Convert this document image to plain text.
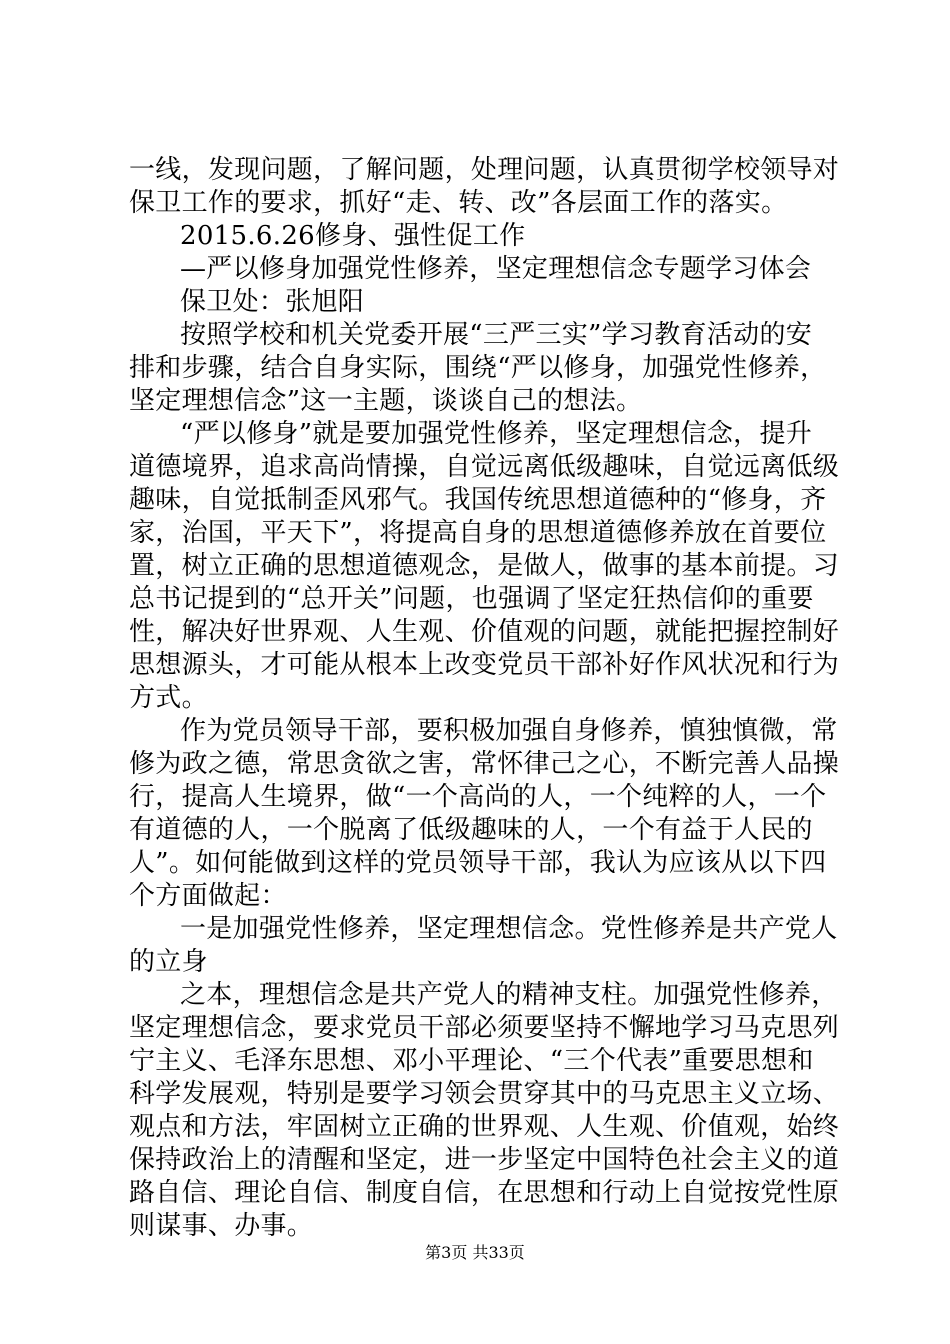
一线，发现问题，了解问题，处理问题，认真贯彻学校领导对
保卫工作的要求，抓好“走、转、改”各层面工作的落实。
2015.6.26修身、强性促工作
—严以修身加强党性修养，坚定理想信念专题学习体会
保卫处：张旭阳
按照学校和机关党委开展“三严三实”学习教育活动的安
排和步骤，结合自身实际，围绕“严以修身，加强党性修养，
坚定理想信念”这一主题，谈谈自己的想法。
“严以修身”就是要加强党性修养，坚定理想信念，提升
道德境界，追求高尚情操，自觉远离低级趣味，自觉远离低级
趣味，自觉抵制歪风邪气。我国传统思想道德种的“修身，齐
家，治国，平天下”，将提高自身的思想道德修养放在首要位
置，树立正确的思想道德观念，是做人，做事的基本前提。习
总书记提到的“总开关”问题，也强调了坚定狂热信仰的重要
性，解决好世界观、人生观、价值观的问题，就能把握控制好
思想源头，才可能从根本上改变党员干部补好作风状况和行为
方式。
作为党员领导干部，要积极加强自身修养，慎独慎微，常
修为政之德，常思贪欲之害，常怀律己之心，不断完善人品操
行，提高人生境界，做“一个高尚的人，一个纯粹的人，一个
有道德的人，一个脱离了低级趣味的人，一个有益于人民的
人”。如何能做到这样的党员领导干部，我认为应该从以下四
个方面做起：
一是加强党性修养，坚定理想信念。党性修养是共产党人
的立身
之本，理想信念是共产党人的精神支柱。加强党性修养，
坚定理想信念，要求党员干部必须要坚持不懈地学习马克思列
宁主义、毛泽东思想、邓小平理论、“三个代表”重要思想和
科学发展观，特别是要学习领会贯穿其中的马克思主义立场、
观点和方法，牢固树立正确的世界观、人生观、价值观，始终
保持政治上的清醒和坚定，进一步坚定中国特色社会主义的道
路自信、理论自信、制度自信，在思想和行动上自觉按党性原
则谋事、办事。
第3页 共33页
